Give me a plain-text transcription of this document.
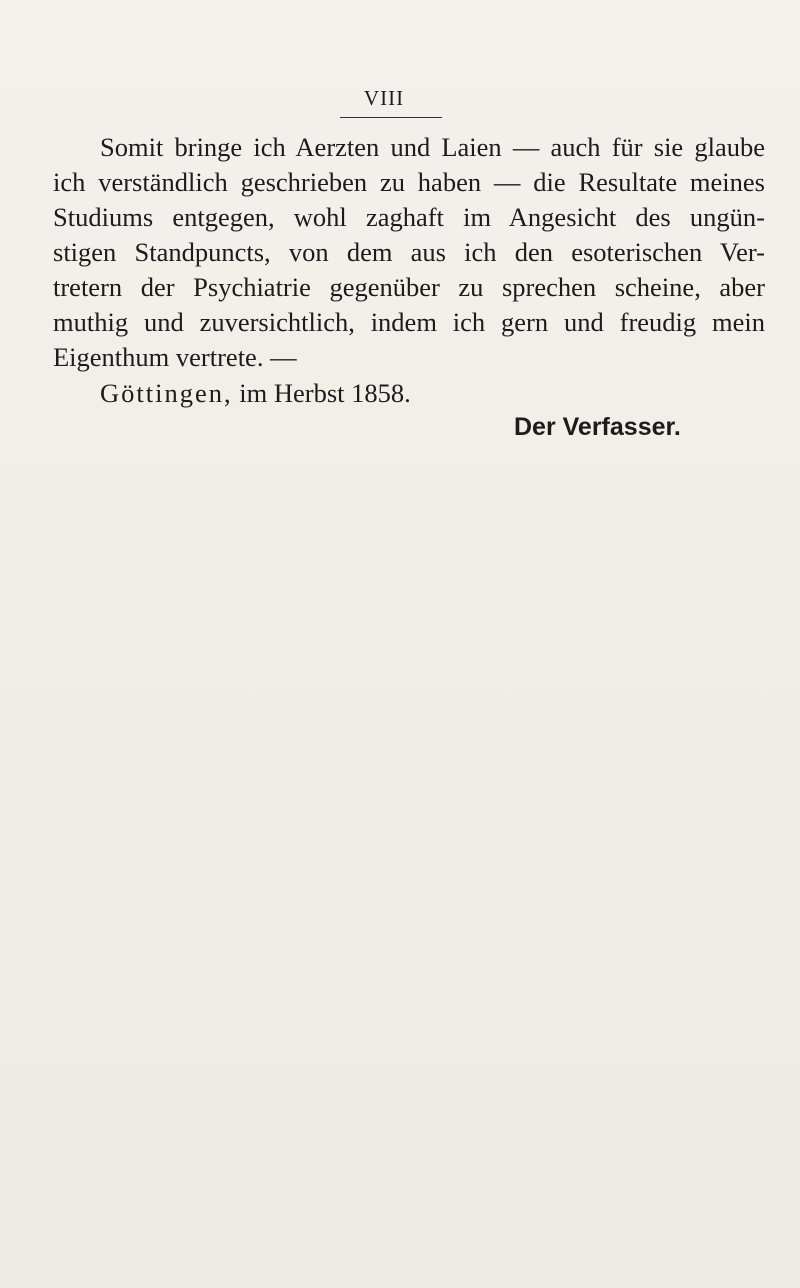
VIII
Somit bringe ich Aerzten und Laien — auch für sie glaube
ich verständlich geschrieben zu haben — die Resultate meines
Studiums entgegen, wohl zaghaft im Angesicht des ungün-
stigen Standpuncts, von dem aus ich den esoterischen Ver-
tretern der Psychiatrie gegenüber zu sprechen scheine, aber
muthig und zuversichtlich, indem ich gern und freudig mein
Eigenthum vertrete. —
Göttingen, im Herbst 1858.
Der Verfasser.
